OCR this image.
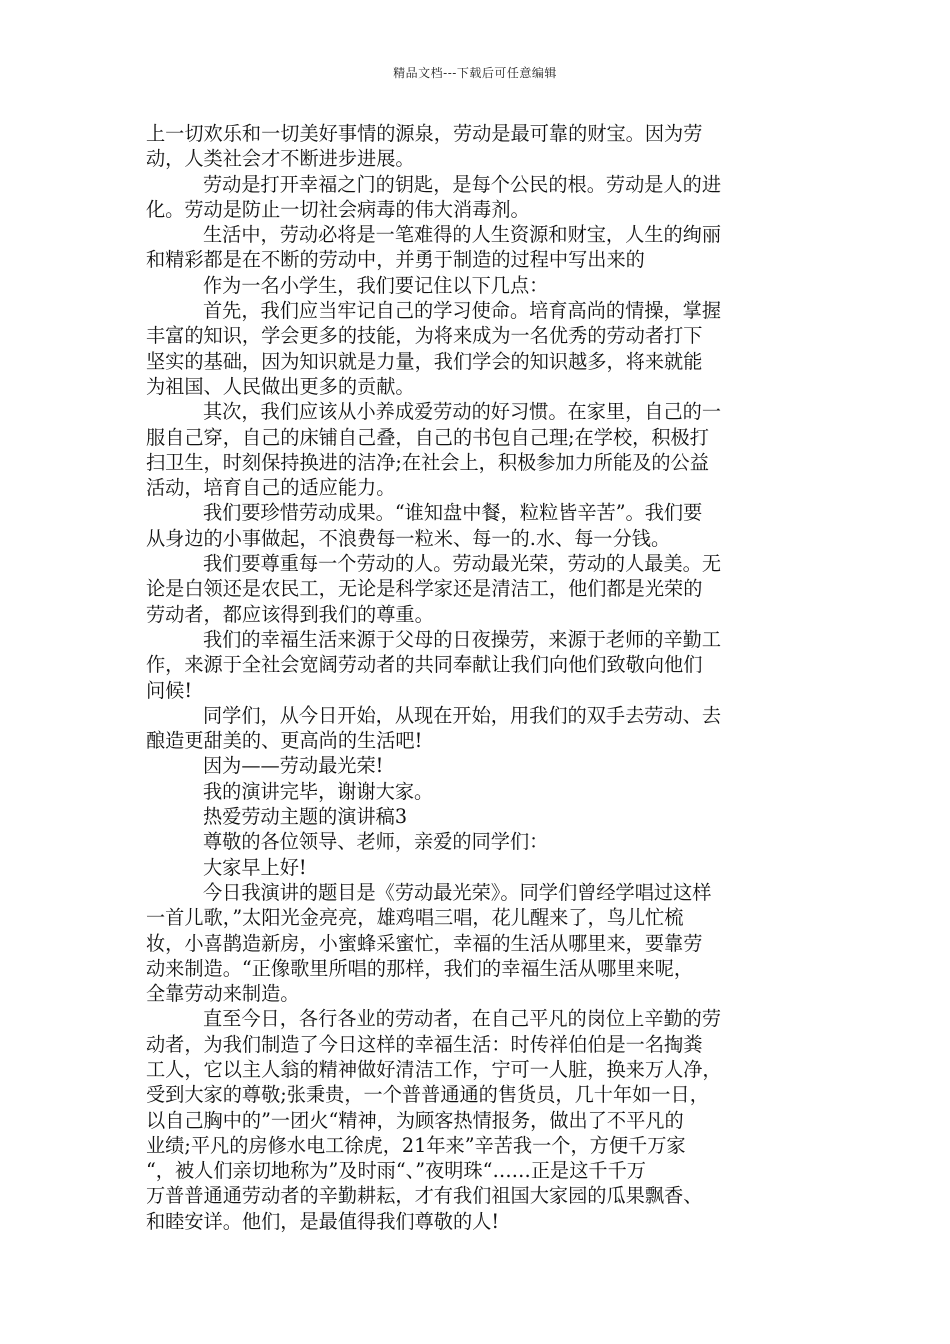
精品文档---下载后可任意编辑
上一切欢乐和一切美好事情的源泉，劳动是最可靠的财宝。因为劳
动，人类社会才不断进步进展。
劳动是打开幸福之门的钥匙，是每个公民的根。劳动是人的进
化。劳动是防止一切社会病毒的伟大消毒剂。
生活中，劳动必将是一笔难得的人生资源和财宝，人生的绚丽
和精彩都是在不断的劳动中，并勇于制造的过程中写出来的
作为一名小学生，我们要记住以下几点：
首先，我们应当牢记自己的学习使命。培育高尚的情操，掌握
丰富的知识，学会更多的技能，为将来成为一名优秀的劳动者打下
坚实的基础，因为知识就是力量，我们学会的知识越多，将来就能
为祖国、人民做出更多的贡献。
其次，我们应该从小养成爱劳动的好习惯。在家里，自己的一
服自己穿，自己的床铺自己叠，自己的书包自己理;在学校，积极打
扫卫生，时刻保持换进的洁净;在社会上，积极参加力所能及的公益
活动，培育自己的适应能力。
我们要珍惜劳动成果。“谁知盘中餐，粒粒皆辛苦”。我们要
从身边的小事做起，不浪费每一粒米、每一的.水、每一分钱。
我们要尊重每一个劳动的人。劳动最光荣，劳动的人最美。无
论是白领还是农民工，无论是科学家还是清洁工，他们都是光荣的
劳动者，都应该得到我们的尊重。
我们的幸福生活来源于父母的日夜操劳，来源于老师的辛勤工
作，来源于全社会宽阔劳动者的共同奉献让我们向他们致敬向他们
问候!
同学们，从今日开始，从现在开始，用我们的双手去劳动、去
酿造更甜美的、更高尚的生活吧!
因为——劳动最光荣!
我的演讲完毕，谢谢大家。
热爱劳动主题的演讲稿3
尊敬的各位领导、老师，亲爱的同学们：
大家早上好!
今日我演讲的题目是《劳动最光荣》。同学们曾经学唱过这样
一首儿歌，”太阳光金亮亮，雄鸡唱三唱，花儿醒来了，鸟儿忙梳
妆，小喜鹊造新房，小蜜蜂采蜜忙，幸福的生活从哪里来，要靠劳
动来制造。“正像歌里所唱的那样，我们的幸福生活从哪里来呢，
全靠劳动来制造。
直至今日，各行各业的劳动者，在自己平凡的岗位上辛勤的劳
动者，为我们制造了今日这样的幸福生活：时传祥伯伯是一名掏粪
工人，它以主人翁的精神做好清洁工作，宁可一人脏，换来万人净，
受到大家的尊敬;张秉贵，一个普普通通的售货员，几十年如一日，
以自己胸中的”一团火“精神，为顾客热情报务，做出了不平凡的
业绩;平凡的房修水电工徐虎，21年来”辛苦我一个，方便千万家
“，被人们亲切地称为”及时雨“、”夜明珠“……正是这千千万
万普普通通劳动者的辛勤耕耘，才有我们祖国大家园的瓜果飘香、
和睦安详。他们，是最值得我们尊敬的人!
